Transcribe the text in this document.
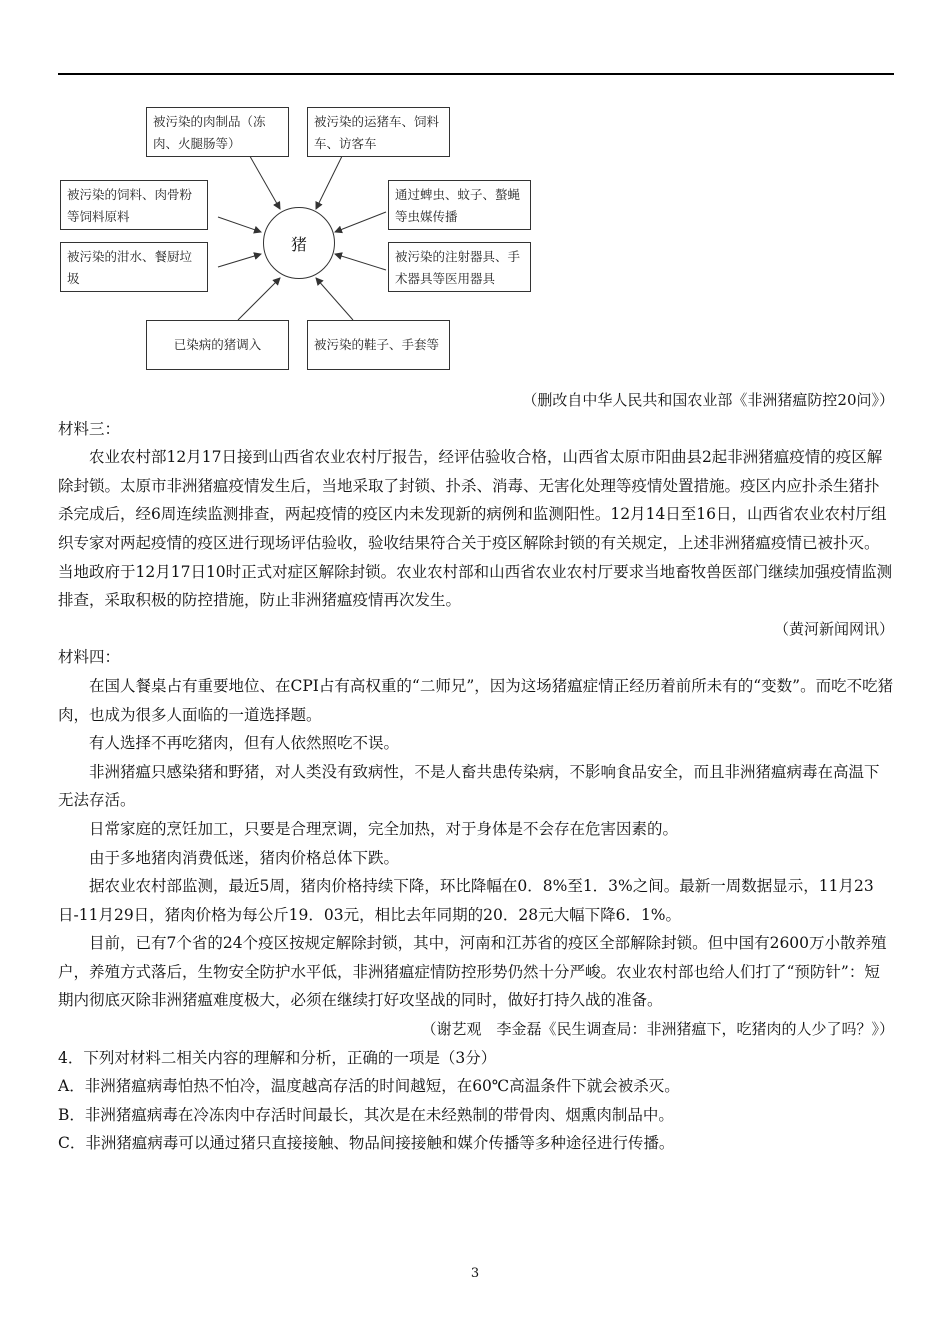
被污染的肉制品（冻肉、火腿肠等）
被污染的运猪车、饲料车、访客车
被污染的饲料、肉骨粉等饲料原料
通过蜱虫、蚊子、螯蝇等虫媒传播
被污染的泔水、餐厨垃圾
被污染的注射器具、手术器具等医用器具
已染病的猪调入	被污染的鞋子、手套等
猪
（删改自中华人民共和国农业部《非洲猪瘟防控20问》）
材料三：

农业农村部12月17日接到山西省农业农村厅报告，经评估验收合格，山西省太原市阳曲县2起非洲猪瘟疫情的疫区解除封锁。太原市非洲猪瘟疫情发生后，当地采取了封锁、扑杀、消毒、无害化处理等疫情处置措施。疫区内应扑杀生猪扑杀完成后，经6周连续监测排查，两起疫情的疫区内未发现新的病例和监测阳性。12月14日至16日，山西省农业农村厅组织专家对两起疫情的疫区进行现场评估验收，验收结果符合关于疫区解除封锁的有关规定，上述非洲猪瘟疫情已被扑灭。当地政府于12月17日10时正式对症区解除封锁。农业农村部和山西省农业农村厅要求当地畜牧兽医部门继续加强疫情监测排查，采取积极的防控措施，防止非洲猪瘟疫情再次发生。

（黄河新闻网讯）
材料四：

在国人餐桌占有重要地位、在CPI占有高权重的“二师兄”，因为这场猪瘟症情正经历着前所未有的“变数”。而吃不吃猪肉，也成为很多人面临的一道选择题。

有人选择不再吃猪肉，但有人依然照吃不误。

非洲猪瘟只感染猪和野猪，对人类没有致病性，不是人畜共患传染病，不影响食品安全，而且非洲猪瘟病毒在高温下无法存活。

日常家庭的烹饪加工，只要是合理烹调，完全加热，对于身体是不会存在危害因素的。

由于多地猪肉消费低迷，猪肉价格总体下跌。

据农业农村部监测，最近5周，猪肉价格持续下降，环比降幅在0．8%至1．3%之间。最新一周数据显示，11月23日-11月29日，猪肉价格为每公斤19．03元，相比去年同期的20．28元大幅下降6．1%。

目前，已有7个省的24个疫区按规定解除封锁，其中，河南和江苏省的疫区全部解除封锁。但中国有2600万小散养殖户，养殖方式落后，生物安全防护水平低，非洲猪瘟症情防控形势仍然十分严峻。农业农村部也给人们打了“预防针”：短期内彻底灭除非洲猪瘟难度极大，必须在继续打好攻坚战的同时，做好打持久战的准备。

（谢艺观　李金磊《民生调查局：非洲猪瘟下，吃猪肉的人少了吗？》）
4．下列对材料二相关内容的理解和分析，正确的一项是（3分）
A．非洲猪瘟病毒怕热不怕冷，温度越高存活的时间越短，在60℃高温条件下就会被杀灭。
B．非洲猪瘟病毒在冷冻肉中存活时间最长，其次是在未经熟制的带骨肉、烟熏肉制品中。
C．非洲猪瘟病毒可以通过猪只直接接触、物品间接接触和媒介传播等多种途径进行传播。
3
